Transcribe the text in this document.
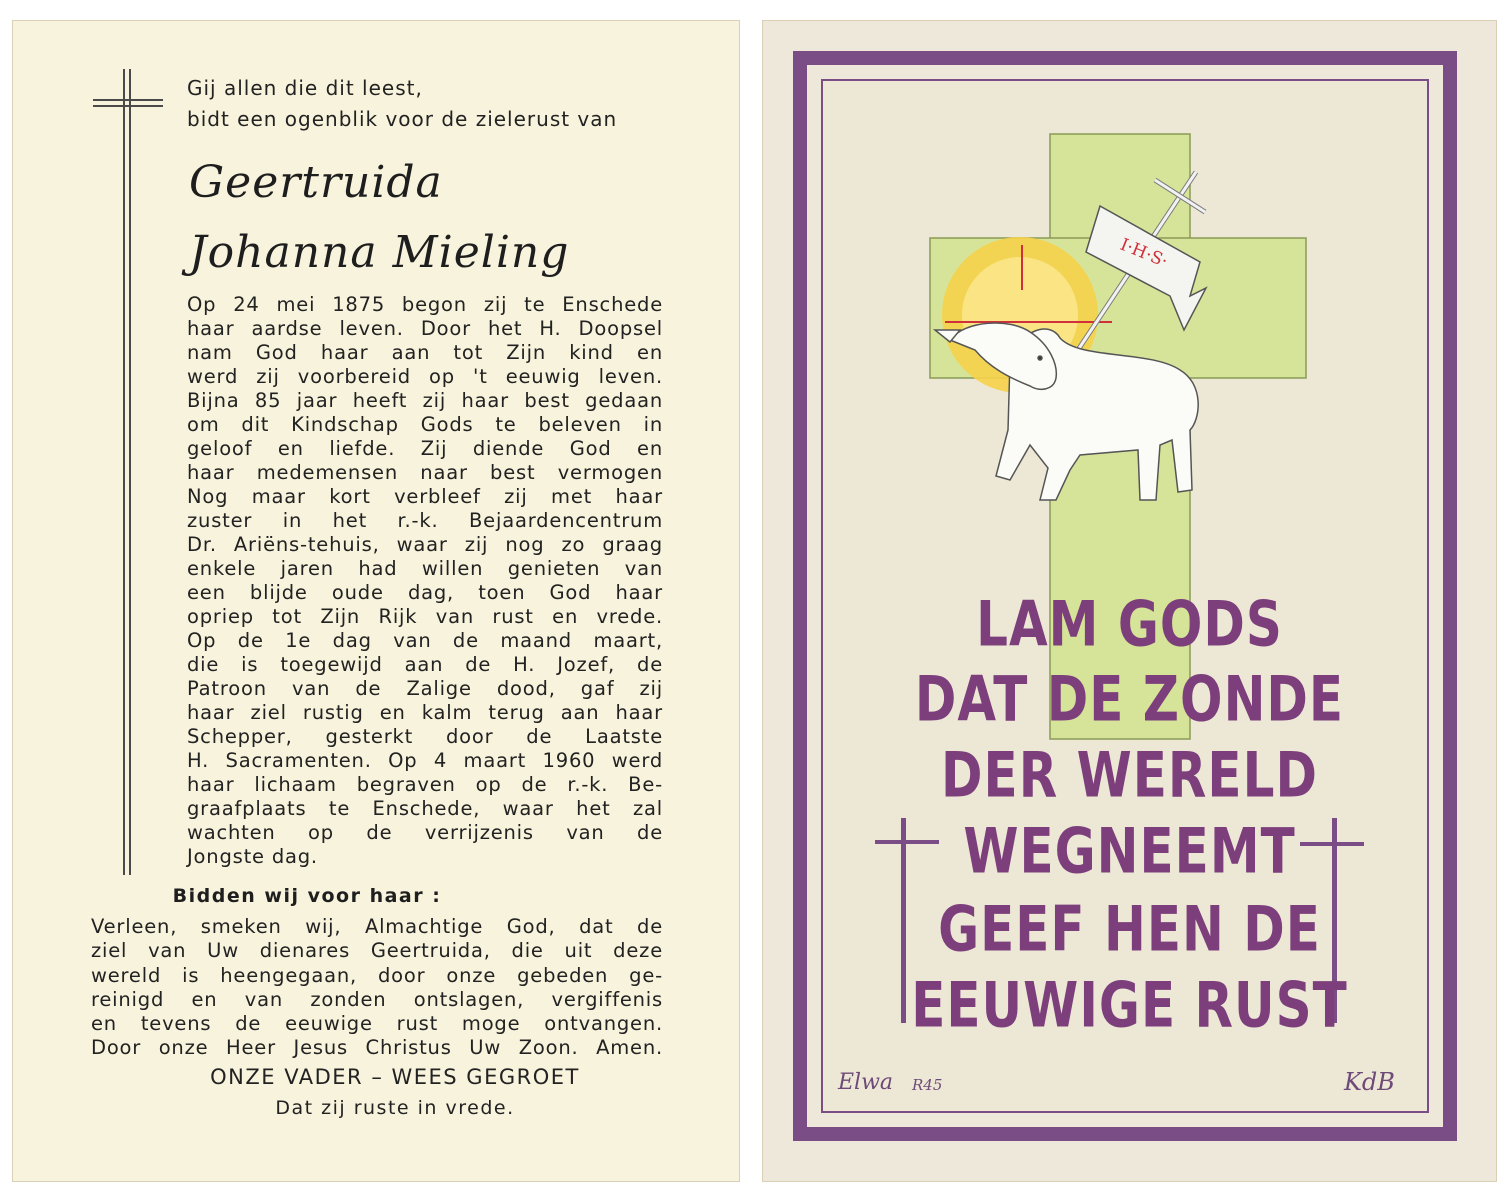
Gij allen die dit leest,
bidt een ogenblik voor de zielerust van
Geertruida
Johanna Mieling
Op 24 mei 1875 begon zij te Enschede
haar aardse leven. Door het H. Doopsel
nam God haar aan tot Zijn kind en
werd zij voorbereid op 't eeuwig leven.
Bijna 85 jaar heeft zij haar best gedaan
om dit Kindschap Gods te beleven in
geloof en liefde. Zij diende God en
haar medemensen naar best vermogen
Nog maar kort verbleef zij met haar
zuster in het r.-k. Bejaardencentrum
Dr. Ariëns-tehuis, waar zij nog zo graag
enkele jaren had willen genieten van
een blijde oude dag, toen God haar
opriep tot Zijn Rijk van rust en vrede.
Op de 1e dag van de maand maart,
die is toegewijd aan de H. Jozef, de
Patroon van de Zalige dood, gaf zij
haar ziel rustig en kalm terug aan haar
Schepper, gesterkt door de Laatste
H. Sacramenten. Op 4 maart 1960 werd
haar lichaam begraven op de r.-k. Be-
graafplaats te Enschede, waar het zal
wachten op de verrijzenis van de
Jongste dag.
Bidden wij voor haar :
Verleen, smeken wij, Almachtige God, dat de
ziel van Uw dienares Geertruida, die uit deze
wereld is heengegaan, door onze gebeden ge-
reinigd en van zonden ontslagen, vergiffenis
en tevens de eeuwige rust moge ontvangen.
Door onze Heer Jesus Christus Uw Zoon. Amen.
ONZE VADER – WEES GEGROET
Dat zij ruste in vrede.
I·H·S·
LAM GODS
DAT DE ZONDE
DER WERELD
WEGNEEMT
GEEF HEN DE
EEUWIGE RUST
Elwa R45	KdB
